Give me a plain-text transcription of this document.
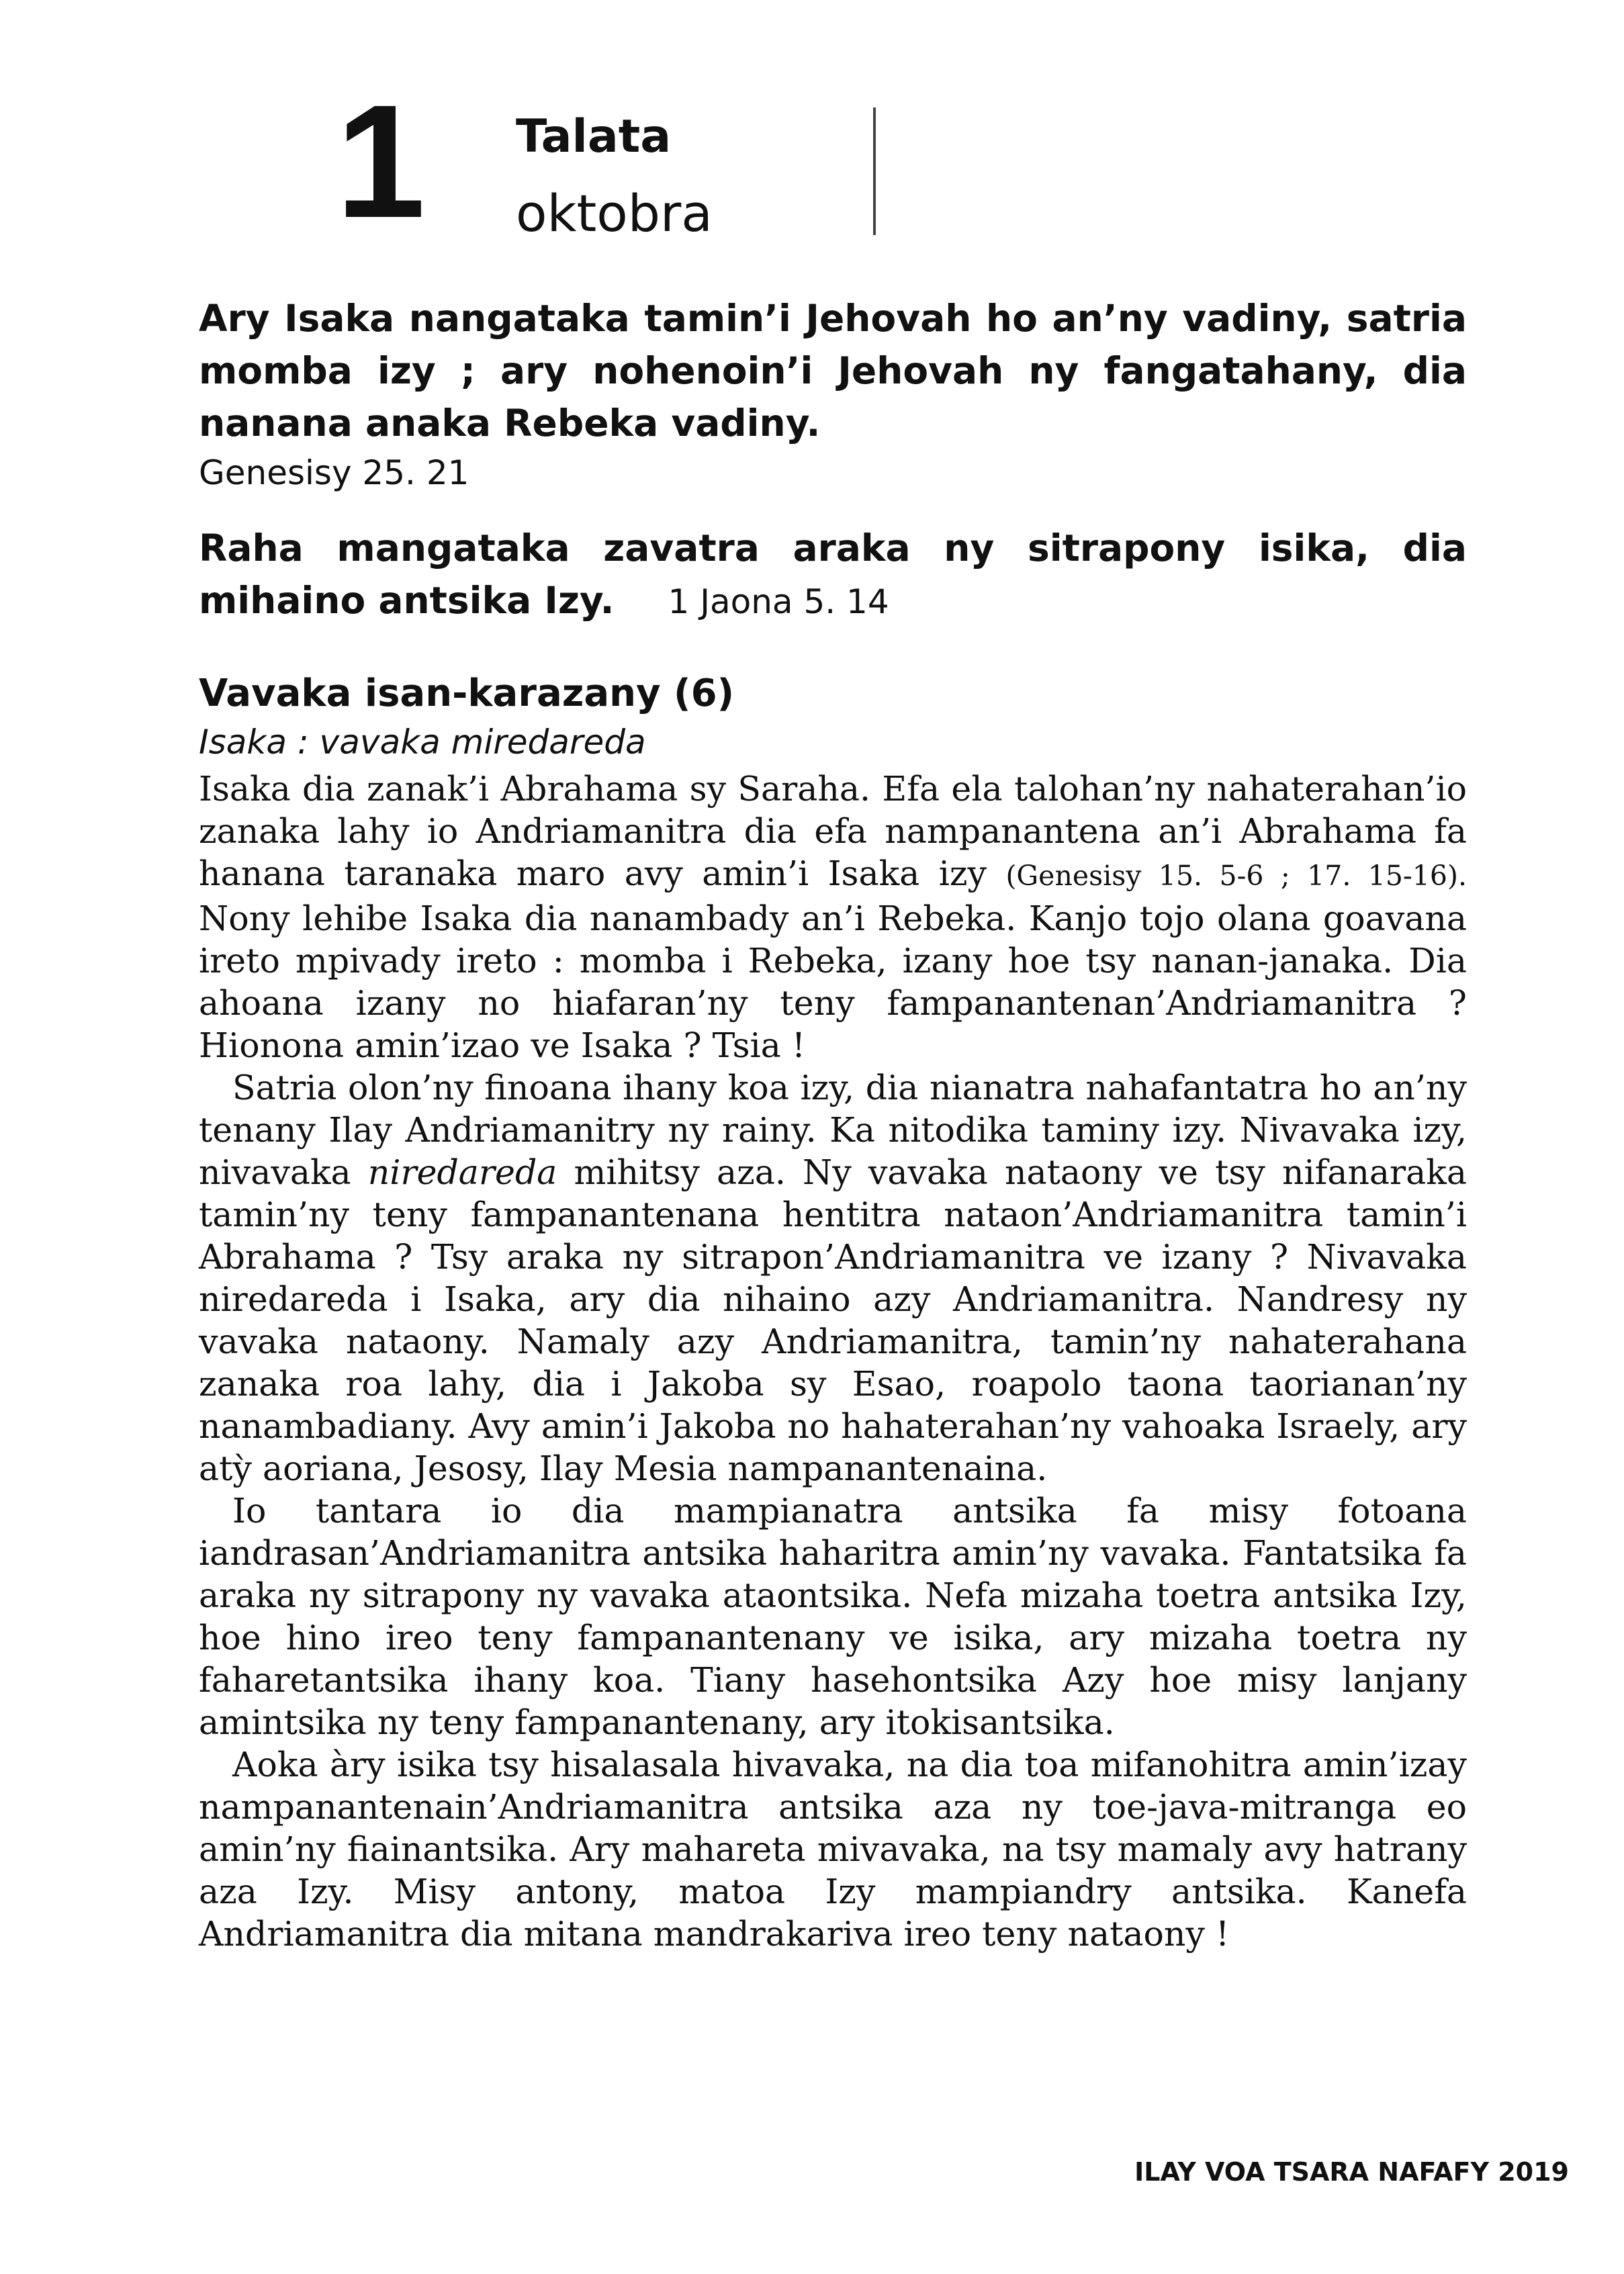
1 Talata
oktobra

Ary Isaka nangataka tamin’i Jehovah ho an’ny vadiny, satria momba izy ; ary nohenoin’i Jehovah ny fangatahany, dia nanana anaka Rebeka vadiny.

Genesisy 25. 21

Raha mangataka zavatra araka ny sitrapony isika, dia mihaino antsika Izy. 1 Jaona 5. 14

Vavaka isan-karazany (6)
Isaka : vavaka miredareda

Isaka dia zanak’i Abrahama sy Saraha. Efa ela talohan’ny nahaterahan’io zanaka lahy io Andriamanitra dia efa nampanantena an’i Abrahama fa hanana taranaka maro avy amin’i Isaka izy (Genesisy 15. 5-6 ; 17. 15-16). Nony lehibe Isaka dia nanambady an’i Rebeka. Kanjo tojo olana goavana ireto mpivady ireto : momba i Rebeka, izany hoe tsy nanan-janaka. Dia ahoana izany no hiafaran’ny teny fampanantenan’Andriamanitra ? Hionona amin’izao ve Isaka ? Tsia !

Satria olon’ny finoana ihany koa izy, dia nianatra nahafantatra ho an’ny tenany Ilay Andriamanitry ny rainy. Ka nitodika taminy izy. Nivavaka izy, nivavaka niredareda mihitsy aza. Ny vavaka nataony ve tsy nifanaraka tamin’ny teny fampanantenana hentitra nataon’Andriamanitra tamin’i Abrahama ? Tsy araka ny sitrapon’Andriamanitra ve izany ? Nivavaka niredareda i Isaka, ary dia nihaino azy Andriamanitra. Nandresy ny vavaka nataony. Namaly azy Andriamanitra, tamin’ny nahaterahana zanaka roa lahy, dia i Jakoba sy Esao, roapolo taona taorianan’ny nanambadiany. Avy amin’i Jakoba no hahaterahan’ny vahoaka Israely, ary atỳ aoriana, Jesosy, Ilay Mesia nampanantenaina.

Io tantara io dia mampianatra antsika fa misy fotoana iandrasan’Andriamanitra antsika haharitra amin’ny vavaka. Fantatsika fa araka ny sitrapony ny vavaka ataontsika. Nefa mizaha toetra antsika Izy, hoe hino ireo teny fampanantenany ve isika, ary mizaha toetra ny faharetantsika ihany koa. Tiany hasehontsika Azy hoe misy lanjany amintsika ny teny fampanantenany, ary itokisantsika.

Aoka àry isika tsy hisalasala hivavaka, na dia toa mifanohitra amin’izay nampanantenain’Andriamanitra antsika aza ny toe-java-mitranga eo amin’ny fiainantsika. Ary mahareta mivavaka, na tsy mamaly avy hatrany aza Izy. Misy antony, matoa Izy mampiandry antsika. Kanefa Andriamanitra dia mitana mandrakariva ireo teny nataony !

ILAY VOA TSARA NAFAFY 2019
